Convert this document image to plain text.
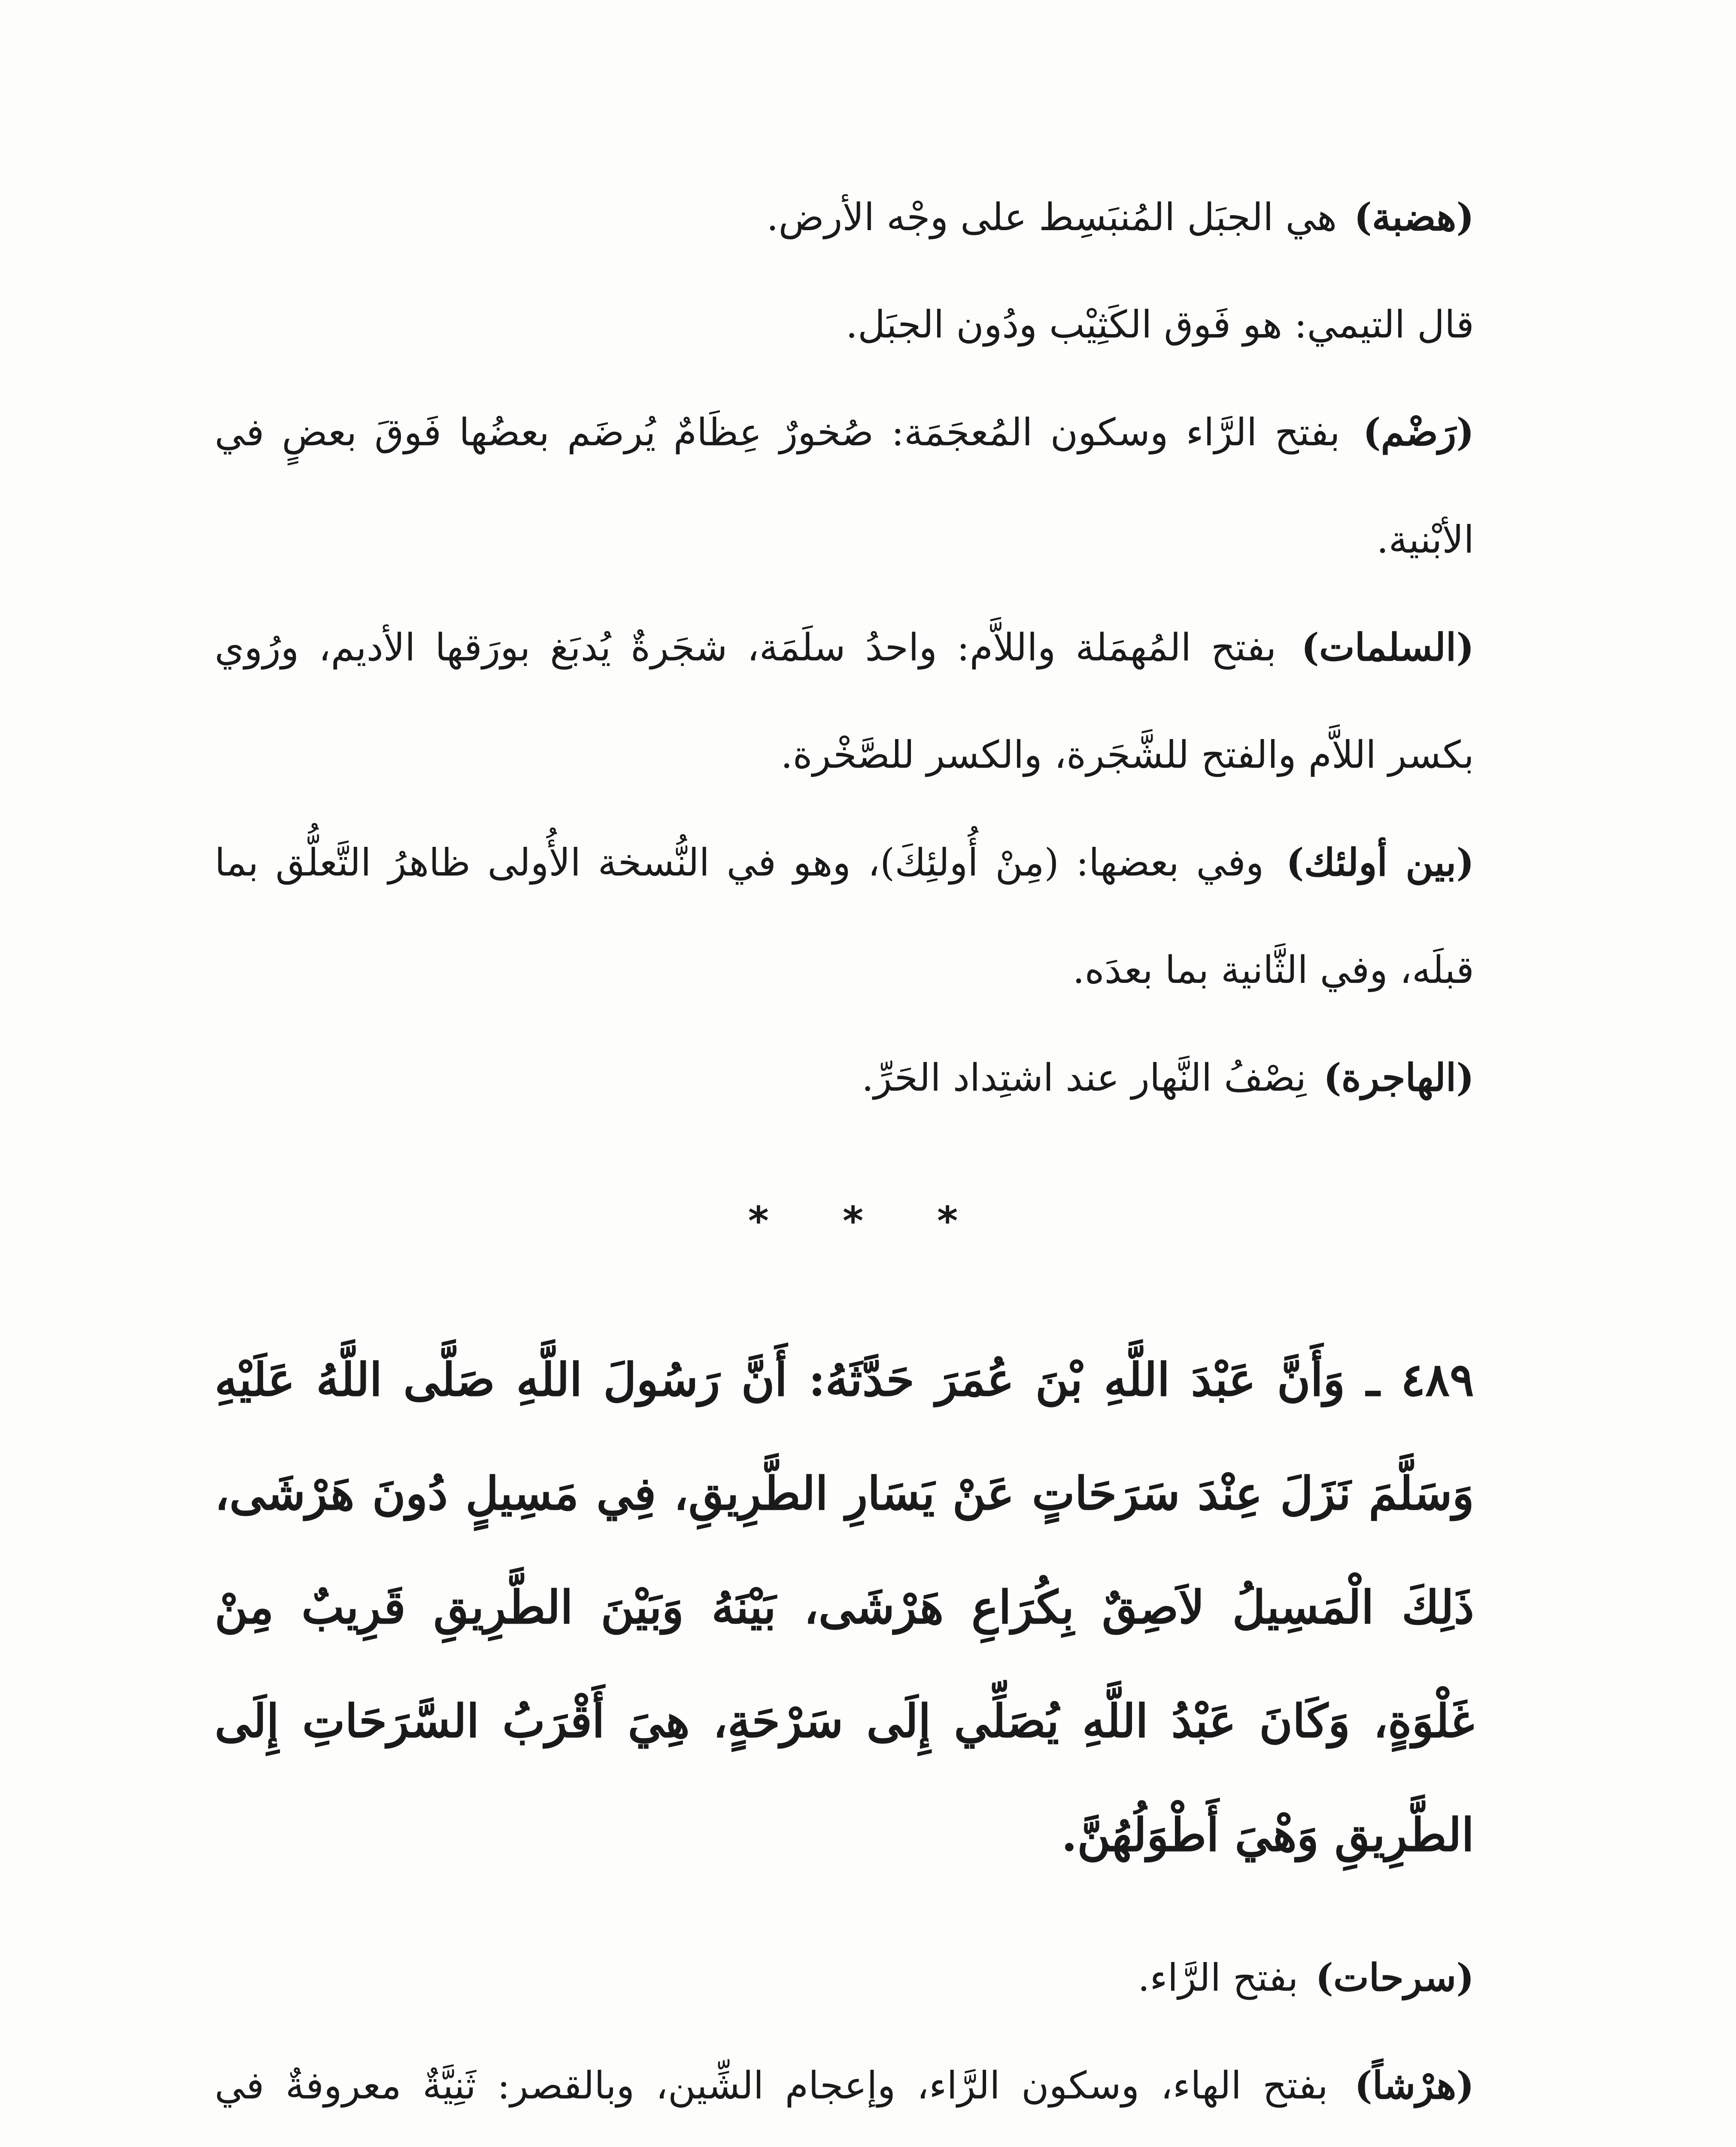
(هضبة) هي الجبَل المُنبَسِط على وجْه الأرض.

قال التيمي: هو فَوق الكَثِيْب ودُون الجبَل.

(رَضْم) بفتح الرَّاء وسكون المُعجَمَة: صُخورٌ عِظَامٌ يُرضَم بعضُها فَوقَ بعضٍ في الأبْنية.

(السلمات) بفتح المُهمَلة واللاَّم: واحدُ سلَمَة، شجَرةٌ يُدبَغ بورَقها الأديم، ورُوي بكسر اللاَّم والفتح للشَّجَرة، والكسر للصَّخْرة.

(بين أولئك) وفي بعضها: (مِنْ أُولئِكَ)، وهو في النُّسخة الأُولى ظاهرُ التَّعلُّق بما قبلَه، وفي الثَّانية بما بعدَه.

(الهاجرة) نِصْفُ النَّهار عند اشتِداد الحَرِّ.

* * *

٤٨٩ ـ وَأَنَّ عَبْدَ اللَّهِ بْنَ عُمَرَ حَدَّثَهُ: أَنَّ رَسُولَ اللَّهِ صَلَّى اللَّهُ عَلَيْهِ وَسَلَّمَ نَزَلَ عِنْدَ سَرَحَاتٍ عَنْ يَسَارِ الطَّرِيقِ، فِي مَسِيلٍ دُونَ هَرْشَى، ذَلِكَ الْمَسِيلُ لاَصِقٌ بِكُرَاعِ هَرْشَى، بَيْنَهُ وَبَيْنَ الطَّرِيقِ قَرِيبٌ مِنْ غَلْوَةٍ، وَكَانَ عَبْدُ اللَّهِ يُصَلِّي إِلَى سَرْحَةٍ، هِيَ أَقْرَبُ السَّرَحَاتِ إِلَى الطَّرِيقِ وَهْيَ أَطْوَلُهُنَّ.

(سرحات) بفتح الرَّاء.

(هرْشاً) بفتح الهاء، وسكون الرَّاء، وإعجام الشِّين، وبالقصر: ثَنِيَّةٌ معروفةٌ في
